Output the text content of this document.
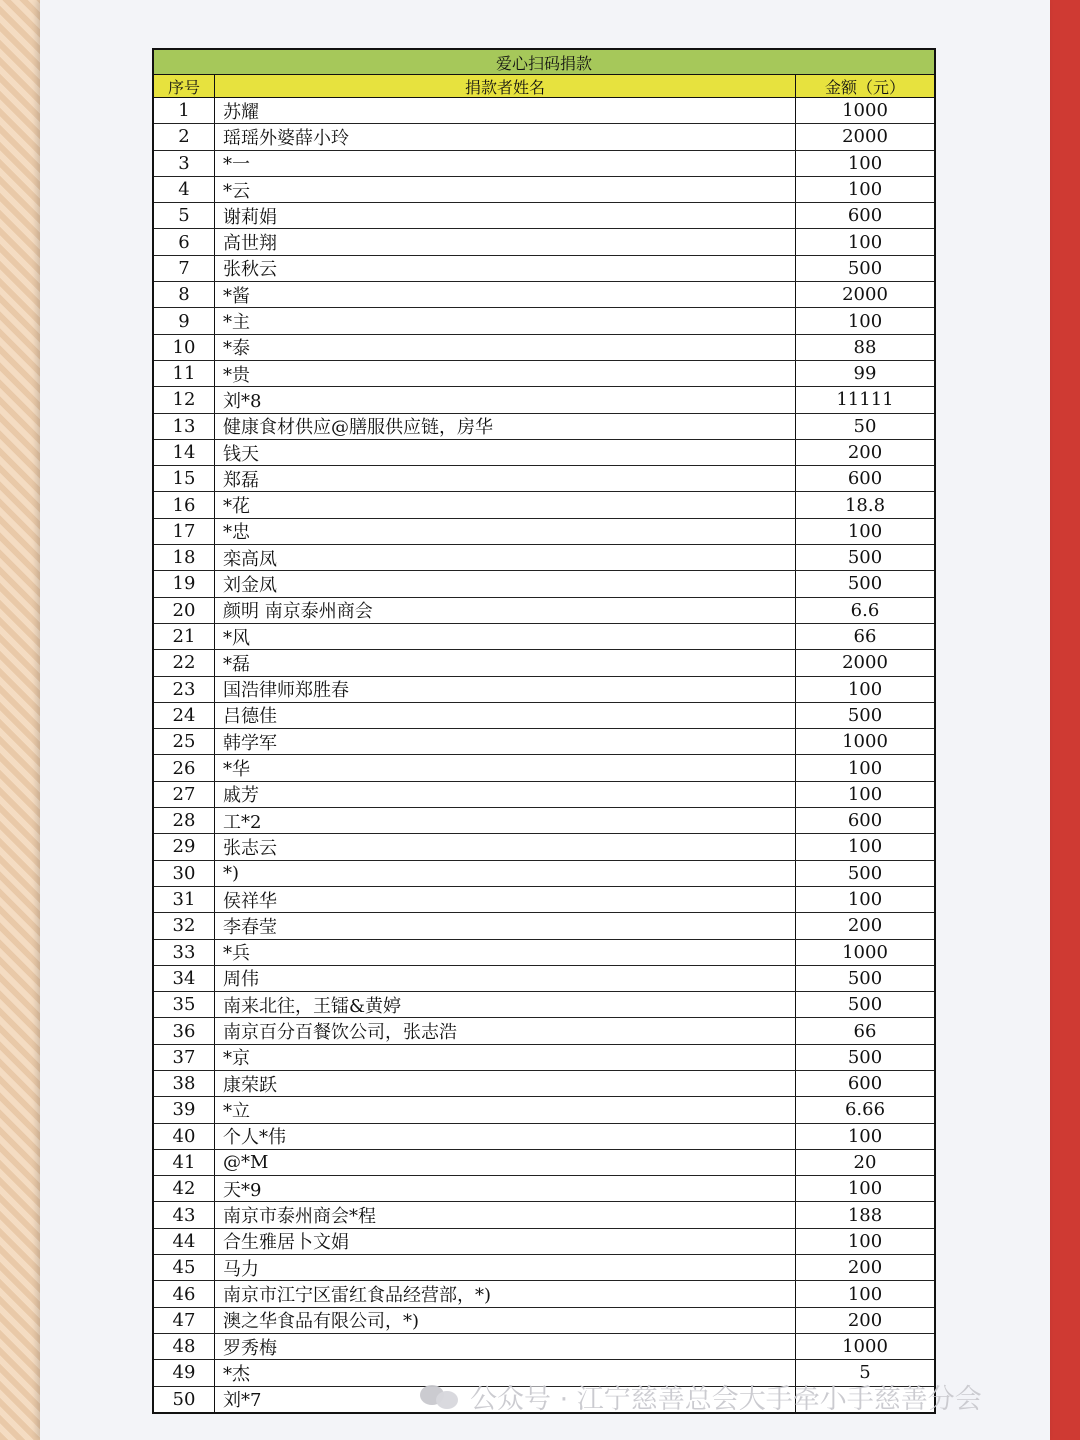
爱心扫码捐款
序号	捐款者姓名	金额（元）
1	苏耀	1000
2	瑶瑶外婆薛小玲	2000
3	*一	100
4	*云	100
5	谢莉娟	600
6	高世翔	100
7	张秋云	500
8	*酱	2000
9	*主	100
10	*泰	88
11	*贵	99
12	刘*8	11111
13	健康食材供应@膳服供应链，房华	50
14	钱天	200
15	郑磊	600
16	*花	18.8
17	*忠	100
18	栾高凤	500
19	刘金凤	500
20	颜明 南京泰州商会	6.6
21	*风	66
22	*磊	2000
23	国浩律师郑胜春	100
24	吕德佳	500
25	韩学军	1000
26	*华	100
27	戚芳	100
28	工*2	600
29	张志云	100
30	*)	500
31	侯祥华	100
32	李春莹	200
33	*兵	1000
34	周伟	500
35	南来北往，王镭&黄婷	500
36	南京百分百餐饮公司，张志浩	66
37	*京	500
38	康荣跃	600
39	*立	6.66
40	个人*伟	100
41	@*M	20
42	天*9	100
43	南京市泰州商会*程	188
44	合生雅居卜文娟	100
45	马力	200
46	南京市江宁区雷红食品经营部，*)	100
47	澳之华食品有限公司，*)	200
48	罗秀梅	1000
49	*杰	5
50	刘*7	公众号 · 江宁慈善总会大手牵小手慈善分会
